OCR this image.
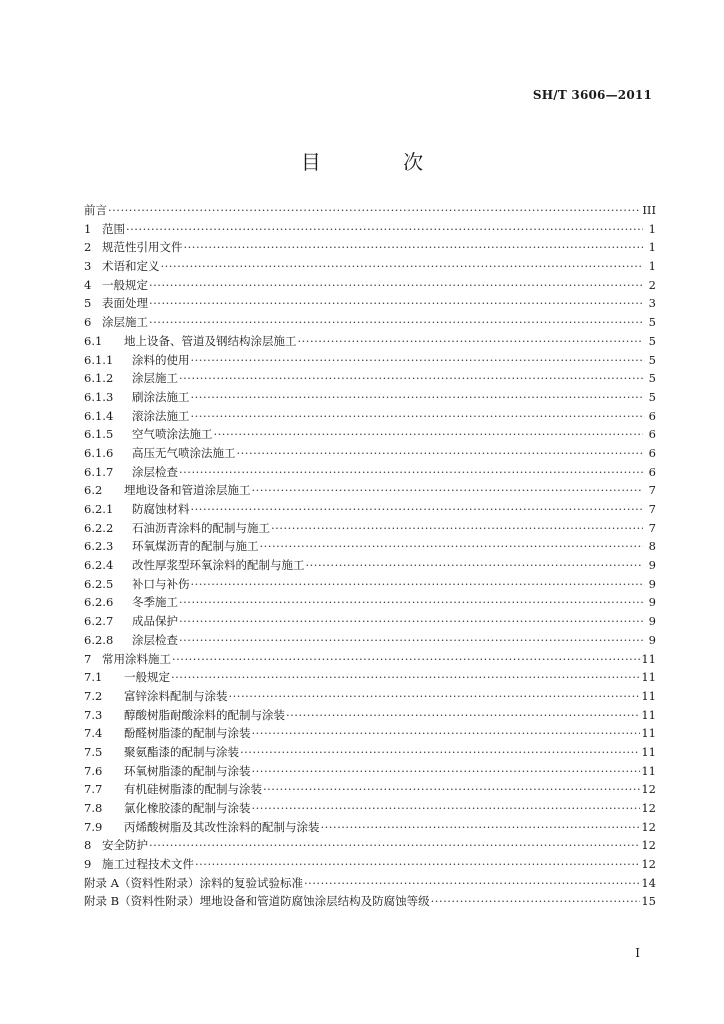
SH/T 3606—2011
目 次
前言 ·····	III
1 范围 ·····	1
2 规范性引用文件 ·····	1
3 术语和定义 ·····	1
4 一般规定 ·····	2
5 表面处理 ·····	3
6 涂层施工 ·····	5
6.1	地上设备、管道及钢结构涂层施工 ·····	5
6.1.1	涂料的使用 ·····	5
6.1.2	涂层施工 ·····	5
6.1.3	刷涂法施工 ·····	5
6.1.4	滚涂法施工 ·····	6
6.1.5	空气喷涂法施工 ·····	6
6.1.6	高压无气喷涂法施工 ·····	6
6.1.7	涂层检查 ·····	6
6.2	埋地设备和管道涂层施工 ·····	7
6.2.1	防腐蚀材料 ·····	7
6.2.2	石油沥青涂料的配制与施工 ·····	7
6.2.3	环氧煤沥青的配制与施工 ·····	8
6.2.4	改性厚浆型环氧涂料的配制与施工 ·····	9
6.2.5	补口与补伤 ·····	9
6.2.6	冬季施工 ·····	9
6.2.7	成品保护 ·····	9
6.2.8	涂层检查 ·····	9
7 常用涂料施工 ·····	11
7.1	一般规定 ·····	11
7.2	富锌涂料配制与涂装 ·····	11
7.3	醇酸树脂耐酸涂料的配制与涂装 ·····	11
7.4	酚醛树脂漆的配制与涂装 ·····	11
7.5	聚氨酯漆的配制与涂装 ·····	11
7.6	环氧树脂漆的配制与涂装 ·····	11
7.7	有机硅树脂漆的配制与涂装 ·····	12
7.8	氯化橡胶漆的配制与涂装 ·····	12
7.9	丙烯酸树脂及其改性涂料的配制与涂装 ·····	12
8 安全防护 ·····	12
9 施工过程技术文件 ·····	12
附录 A（资料性附录）涂料的复验试验标准 ·····	14
附录 B（资料性附录）埋地设备和管道防腐蚀涂层结构及防腐蚀等级 ·····	15
I
